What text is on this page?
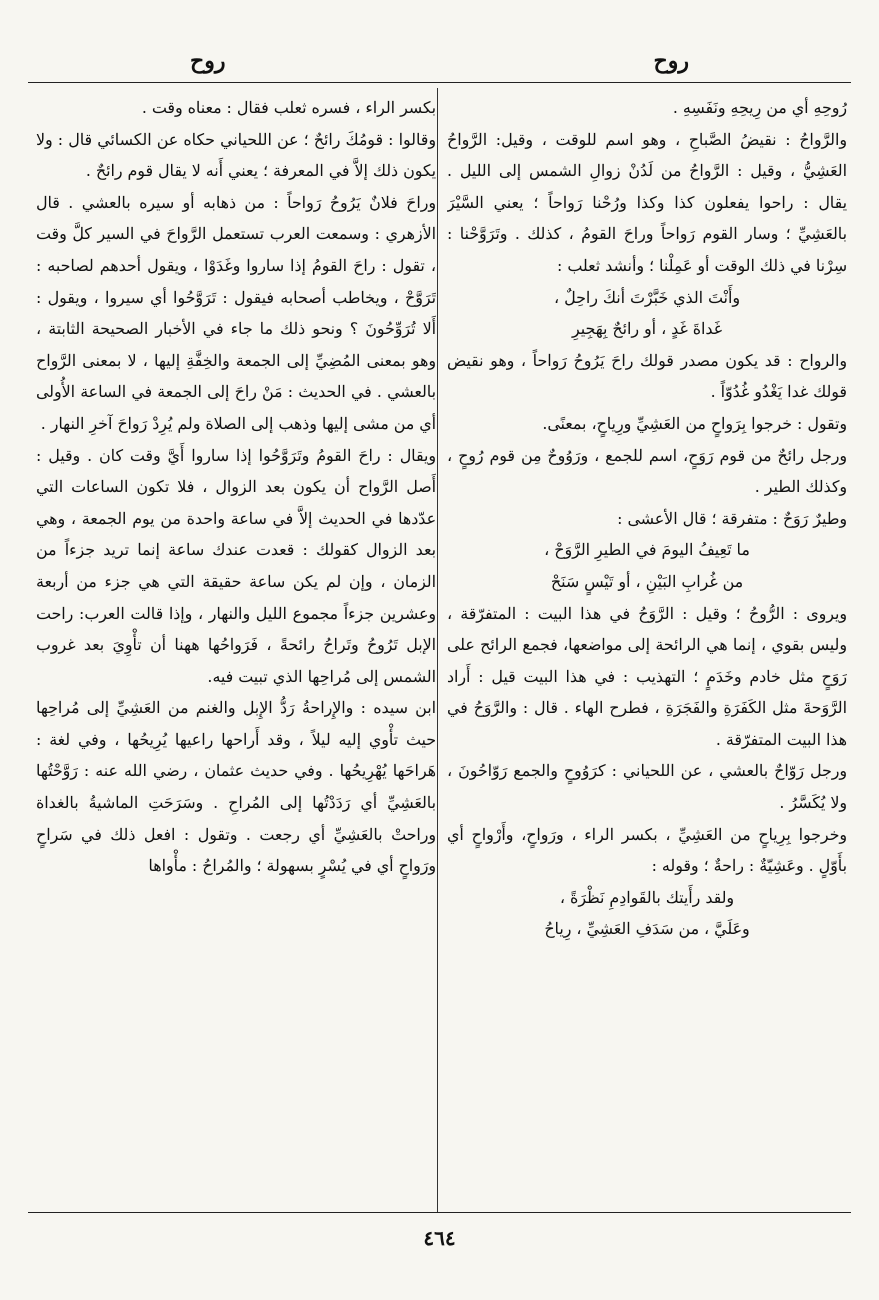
روح
روح

رُوحِهِ أي من رِيحِهِ ونَفَسِهِ .

والرَّواحُ : نقيضُ الصَّباحِ ، وهو اسم للوقت ، وقيل: الرَّواحُ العَشِيُّ ، وقيل : الرَّواحُ من لَدُنْ زوالِ الشمس إلى الليل . يقال : راحوا يفعلون كذا وكذا ورُحْنا رَواحاً ؛ يعني السَّيْرَ بالعَشِيِّ ؛ وسار القوم رَواحاً وراحَ القومُ ، كذلك . وتَرَوَّحْنا : سِرْنا في ذلك الوقت أو عَمِلْنا ؛ وأنشد ثعلب :

وأَنْتَ الذي خَبَّرْتَ أنكَ راحِلٌ ،

غَداةَ غَدٍ ، أو رائحٌ بِهَجِيرِ

والرواح : قد يكون مصدر قولك راحَ يَرُوحُ رَواحاً ، وهو نقيض قولك غدا يَغْدُو غُدُوّاً .

وتقول : خرجوا بِرَواحٍ من العَشِيِّ ورِياحٍ، بمعنًى.

ورجل رائحٌ من قوم رَوَحٍ، اسم للجمع ، ورَوُوحٌ مِن قوم رُوحٍ ، وكذلك الطير .

وطيرٌ رَوَحٌ : متفرقة ؛ قال الأعشى :

ما تَعِيفُ اليومَ في الطيرِ الرَّوَحْ ،

من غُرابِ البَيْنِ ، أو تَيْسٍ سَنَحْ

ويروى : الرُّوحُ ؛ وقيل : الرَّوَحُ في هذا البيت : المتفرّقة ، وليس بقوي ، إنما هي الرائحة إلى مواضعها، فجمع الرائح على رَوَحٍ مثل خادم وخَدَمٍ ؛ التهذيب : في هذا البيت قيل : أَراد الرَّوَحةَ مثل الكَفَرَةِ والفَجَرَةِ ، فطرح الهاء . قال : والرَّوَحُ في هذا البيت المتفرّقة .

ورجل رَوّاحٌ بالعشي ، عن اللحياني : كرَوُوحٍ والجمع رَوّاحُونَ ، ولا يُكَسَّرُ .

وخرجوا بِرِياحٍ من العَشِيِّ ، بكسر الراء ، ورَواحٍ، وأَرْواحٍ أي بأَوّلٍ . وعَشِيّةٌ : راحةٌ ؛ وقوله :

ولقد رأَيتك بالقَوادِمِ نَظْرَةً ،

وعَلَيَّ ، من سَدَفِ العَشِيِّ ، رِياحُ

بكسر الراء ، فسره ثعلب فقال : معناه وقت .

وقالوا : قومُكَ رائحٌ ؛ عن اللحياني حكاه عن الكسائي قال : ولا يكون ذلك إلاَّ في المعرفة ؛ يعني أَنه لا يقال قوم رائحٌ .

وراحَ فلانٌ يَرُوحُ رَواحاً : من ذهابه أو سيره بالعشي . قال الأزهري : وسمعت العرب تستعمل الرَّواحَ في السير كلَّ وقت ، تقول : راحَ القومُ إذا ساروا وغَدَوْا ، ويقول أحدهم لصاحبه : تَرَوَّحْ ، ويخاطب أصحابه فيقول : تَرَوَّحُوا أي سيروا ، ويقول : أَلا تُرَوِّحُونَ ؟ ونحو ذلك ما جاء في الأخبار الصحيحة الثابتة ، وهو بمعنى المُضِيِّ إلى الجمعة والخِفَّةِ إليها ، لا بمعنى الرَّواح بالعشي . في الحديث : مَنْ راحَ إلى الجمعة في الساعة الأُولى أي من مشى إليها وذهب إلى الصلاة ولم يُرِدْ رَواحَ آخرِ النهار .

ويقال : راحَ القومُ وتَرَوَّحُوا إذا ساروا أَيَّ وقت كان . وقيل : أَصل الرَّواح أن يكون بعد الزوال ، فلا تكون الساعات التي عدّدها في الحديث إلاَّ في ساعة واحدة من يوم الجمعة ، وهي بعد الزوال كقولك : قعدت عندك ساعة إنما تريد جزءاً من الزمان ، وإن لم يكن ساعة حقيقة التي هي جزء من أربعة وعشرين جزءاً مجموع الليل والنهار ، وإذا قالت العرب: راحت الإبل تَرُوحُ وتَراحُ رائحةً ، فَرَواحُها ههنا أن تأْوِيَ بعد غروب الشمس إلى مُراحِها الذي تبيت فيه.

ابن سيده : والإِراحةُ رَدُّ الإِبل والغنم من العَشِيِّ إلى مُراحِها حيث تأْوي إليه ليلاً ، وقد أَراحها راعيها يُرِيحُها ، وفي لغة : هَراحَها يُهْرِيحُها . وفي حديث عثمان ، رضي الله عنه : رَوَّحْتُها بالعَشِيِّ أي رَدَدْتُها إلى المُراحِ . وسَرَحَتِ الماشيةُ بالغداة وراحتْ بالعَشِيِّ أي رجعت . وتقول : افعل ذلك في سَراحٍ ورَواحٍ أي في يُسْرٍ بسهولة ؛ والمُراحُ : مأْواها

٤٦٤
